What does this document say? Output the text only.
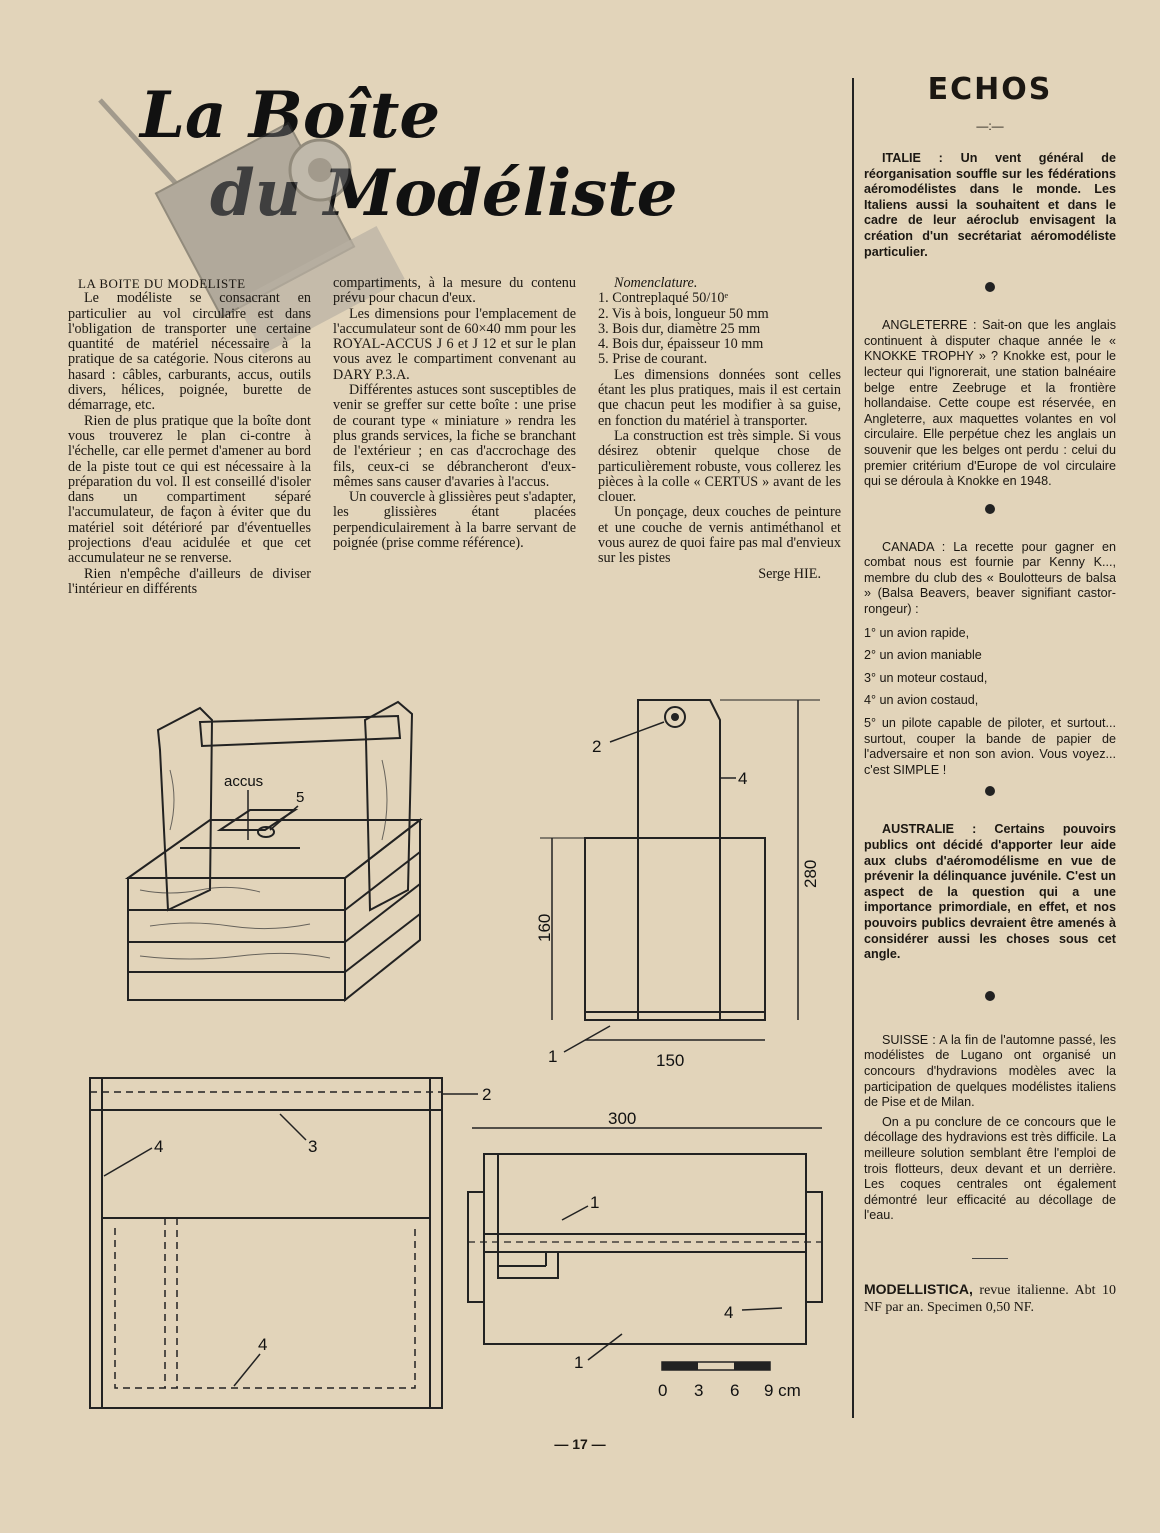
La Boîte
du Modéliste

LA BOITE DU MODELISTE

Le modéliste se consacrant en particulier au vol circulaire est dans l'obligation de transporter une certaine quantité de matériel nécessaire à la pratique de sa catégorie. Nous citerons au hasard : câbles, carburants, accus, outils divers, hélices, poignée, burette de démarrage, etc.

Rien de plus pratique que la boîte dont vous trouverez le plan ci-contre à l'échelle, car elle permet d'amener au bord de la piste tout ce qui est nécessaire à la préparation du vol. Il est conseillé d'isoler dans un compartiment séparé l'accumulateur, de façon à éviter que du matériel soit détérioré par d'éventuelles projections d'eau acidulée et que cet accumulateur ne se renverse.

Rien n'empêche d'ailleurs de diviser l'intérieur en différents

compartiments, à la mesure du contenu prévu pour chacun d'eux.

Les dimensions pour l'emplacement de l'accumulateur sont de 60×40 mm pour les ROYAL-ACCUS J 6 et J 12 et sur le plan vous avez le compartiment convenant au DARY P.3.A.

Différentes astuces sont susceptibles de venir se greffer sur cette boîte : une prise de courant type « miniature » rendra les plus grands services, la fiche se branchant de l'extérieur ; en cas d'accrochage des fils, ceux-ci se débrancheront d'eux-mêmes sans causer d'avaries à l'accus.

Un couvercle à glissières peut s'adapter, les glissières étant placées perpendiculairement à la barre servant de poignée (prise comme référence).

Nomenclature.

1. Contreplaqué 50/10ᵉ

2. Vis à bois, longueur 50 mm

3. Bois dur, diamètre 25 mm

4. Bois dur, épaisseur 10 mm

5. Prise de courant.

Les dimensions données sont celles étant les plus pratiques, mais il est certain que chacun peut les modifier à sa guise, en fonction du matériel à transporter.

La construction est très simple. Si vous désirez obtenir quelque chose de particulièrement robuste, vous collerez les pièces à la colle « CERTUS » avant de les clouer.

Un ponçage, deux couches de peinture et une couche de vernis antiméthanol et vous aurez de quoi faire pas mal d'envieux sur les pistes

Serge HIE.

ECHOS
—:—
ITALIE : Un vent général de réorganisation souffle sur les fédérations aéromodélistes dans le monde. Les Italiens aussi la souhaitent et dans le cadre de leur aéroclub envisagent la création d'un secrétariat aéromodéliste particulier.
ANGLETERRE : Sait-on que les anglais continuent à disputer chaque année le « KNOKKE TROPHY » ? Knokke est, pour le lecteur qui l'ignorerait, une station balnéaire belge entre Zeebruge et la frontière hollandaise. Cette coupe est réservée, en Angleterre, aux maquettes volantes en vol circulaire. Elle perpétue chez les anglais un souvenir que les belges ont perdu : celui du premier critérium d'Europe de vol circulaire qui se déroula à Knokke en 1948.

CANADA : La recette pour gagner en combat nous est fournie par Kenny K..., membre du club des « Boulotteurs de balsa » (Balsa Beavers, beaver signifiant castor-rongeur) :

1° un avion rapide,
2° un avion maniable
3° un moteur costaud,
4° un avion costaud,
5° un pilote capable de piloter, et surtout... surtout, couper la bande de papier de l'adversaire et non son avion. Vous voyez... c'est SIMPLE !
AUSTRALIE : Certains pouvoirs publics ont décidé d'apporter leur aide aux clubs d'aéromodélisme en vue de prévenir la délinquance juvénile. C'est un aspect de la question qui a une importance primordiale, en effet, et nos pouvoirs publics devraient être amenés à considérer aussi les choses sous cet angle.

SUISSE : A la fin de l'automne passé, les modélistes de Lugano ont organisé un concours d'hydravions modèles avec la participation de quelques modélistes italiens de Pise et de Milan.

On a pu conclure de ce concours que le décollage des hydravions est très difficile. La meilleure solution semblant être l'emploi de trois flotteurs, deux devant et un derrière. Les coques centrales ont également démontré leur efficacité au décollage de l'eau.

MODELLISTICA, revue italienne. Abt 10 NF par an. Specimen 0,50 NF.
accus
5
2
4
280
160
150
1
2
3
4
4
300
1
4
1
0 3 6 9 cm
— 17 —
